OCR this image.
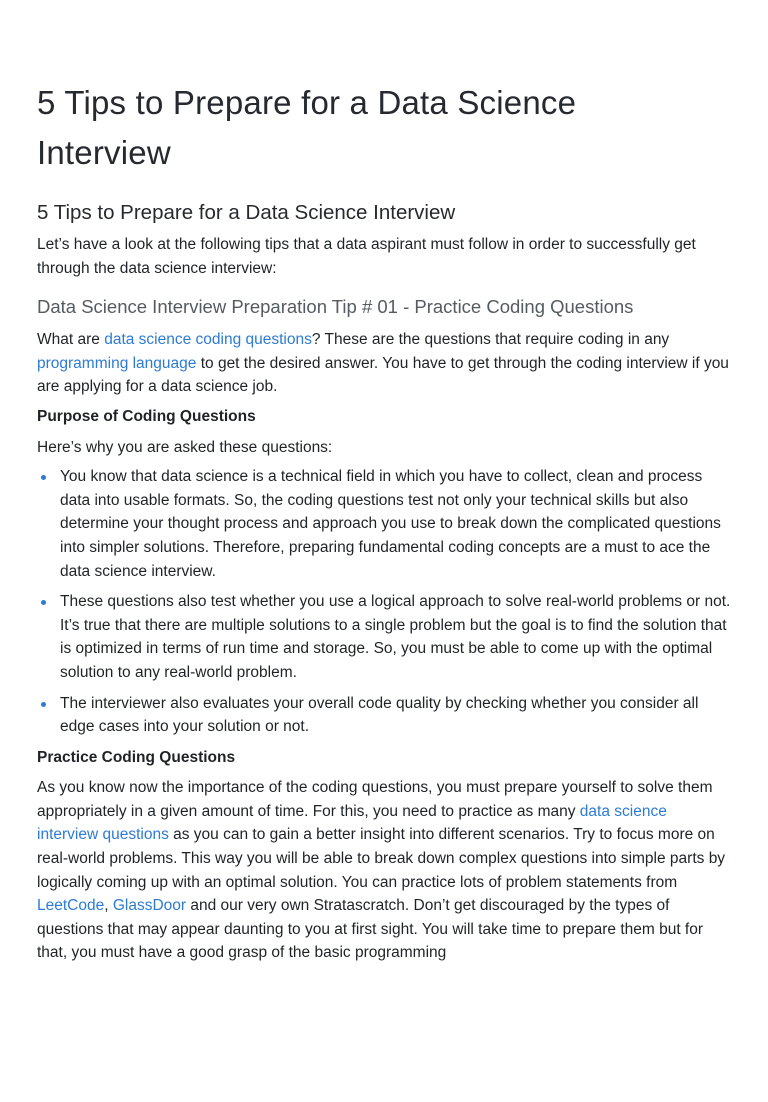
5 Tips to Prepare for a Data Science Interview
5 Tips to Prepare for a Data Science Interview

Let’s have a look at the following tips that a data aspirant must follow in order to successfully get through the data science interview:

Data Science Interview Preparation Tip # 01 - Practice Coding Questions

What are data science coding questions? These are the questions that require coding in any programming language to get the desired answer. You have to get through the coding interview if you are applying for a data science job.

Purpose of Coding Questions

Here’s why you are asked these questions:

You know that data science is a technical field in which you have to collect, clean and process data into usable formats. So, the coding questions test not only your technical skills but also determine your thought process and approach you use to break down the complicated questions into simpler solutions. Therefore, preparing fundamental coding concepts are a must to ace the data science interview.
These questions also test whether you use a logical approach to solve real-world problems or not. It’s true that there are multiple solutions to a single problem but the goal is to find the solution that is optimized in terms of run time and storage. So, you must be able to come up with the optimal solution to any real-world problem.
The interviewer also evaluates your overall code quality by checking whether you consider all edge cases into your solution or not.
Practice Coding Questions

As you know now the importance of the coding questions, you must prepare yourself to solve them appropriately in a given amount of time. For this, you need to practice as many data science interview questions as you can to gain a better insight into different scenarios. Try to focus more on real-world problems. This way you will be able to break down complex questions into simple parts by logically coming up with an optimal solution. You can practice lots of problem statements from LeetCode, GlassDoor and our very own Stratascratch. Don’t get discouraged by the types of questions that may appear daunting to you at first sight. You will take time to prepare them but for that, you must have a good grasp of the basic programming
